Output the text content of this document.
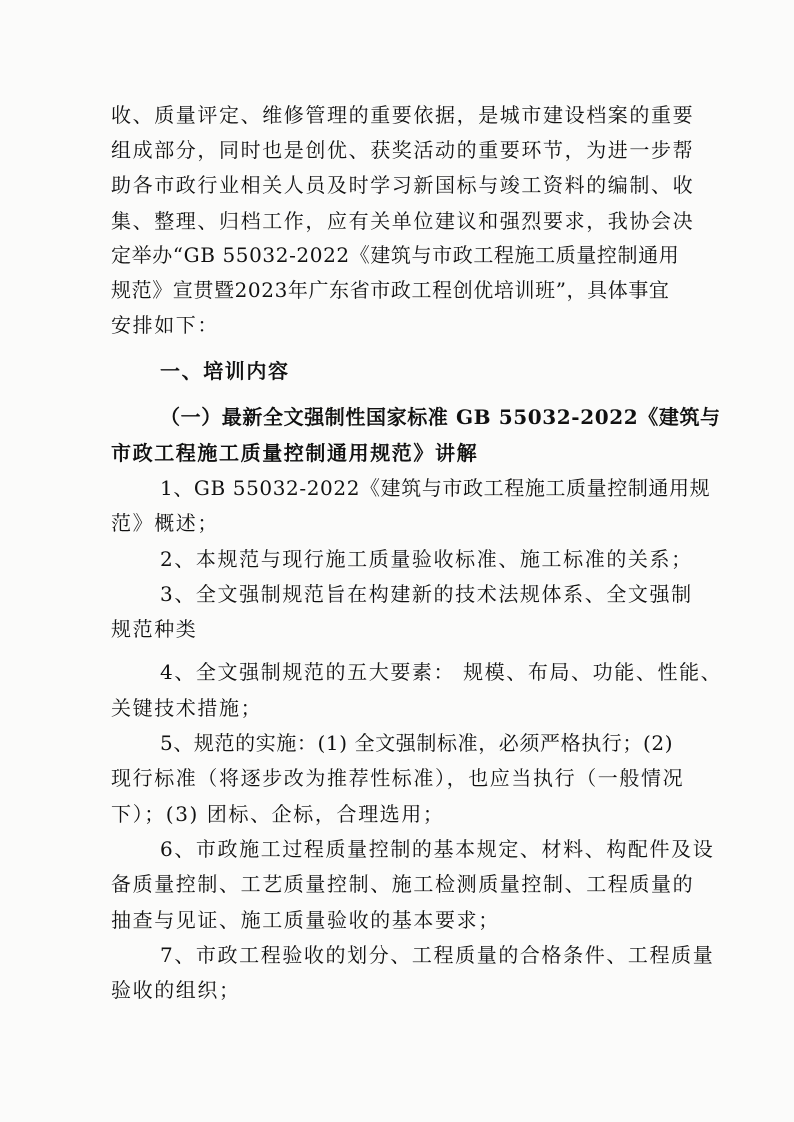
收、质量评定、维修管理的重要依据，是城市建设档案的重要
组成部分，同时也是创优、获奖活动的重要环节，为进一步帮
助各市政行业相关人员及时学习新国标与竣工资料的编制、收
集、整理、归档工作，应有关单位建议和强烈要求，我协会决
定举办“GB 55032-2022《建筑与市政工程施工质量控制通用
规范》宣贯暨2023年广东省市政工程创优培训班”，具体事宜
安排如下：
一、培训内容
（一）最新全文强制性国家标准 GB 55032-2022《建筑与
市政工程施工质量控制通用规范》讲解
1、GB 55032-2022《建筑与市政工程施工质量控制通用规
范》概述；
2、本规范与现行施工质量验收标准、施工标准的关系；
3、全文强制规范旨在构建新的技术法规体系、全文强制
规范种类
4、全文强制规范的五大要素： 规模、布局、功能、性能、
关键技术措施；
5、规范的实施：(1) 全文强制标准，必须严格执行；(2)
现行标准（将逐步改为推荐性标准），也应当执行（一般情况
下）；(3) 团标、企标，合理选用；
6、市政施工过程质量控制的基本规定、材料、构配件及设
备质量控制、工艺质量控制、施工检测质量控制、工程质量的
抽查与见证、施工质量验收的基本要求；
7、市政工程验收的划分、工程质量的合格条件、工程质量
验收的组织；
